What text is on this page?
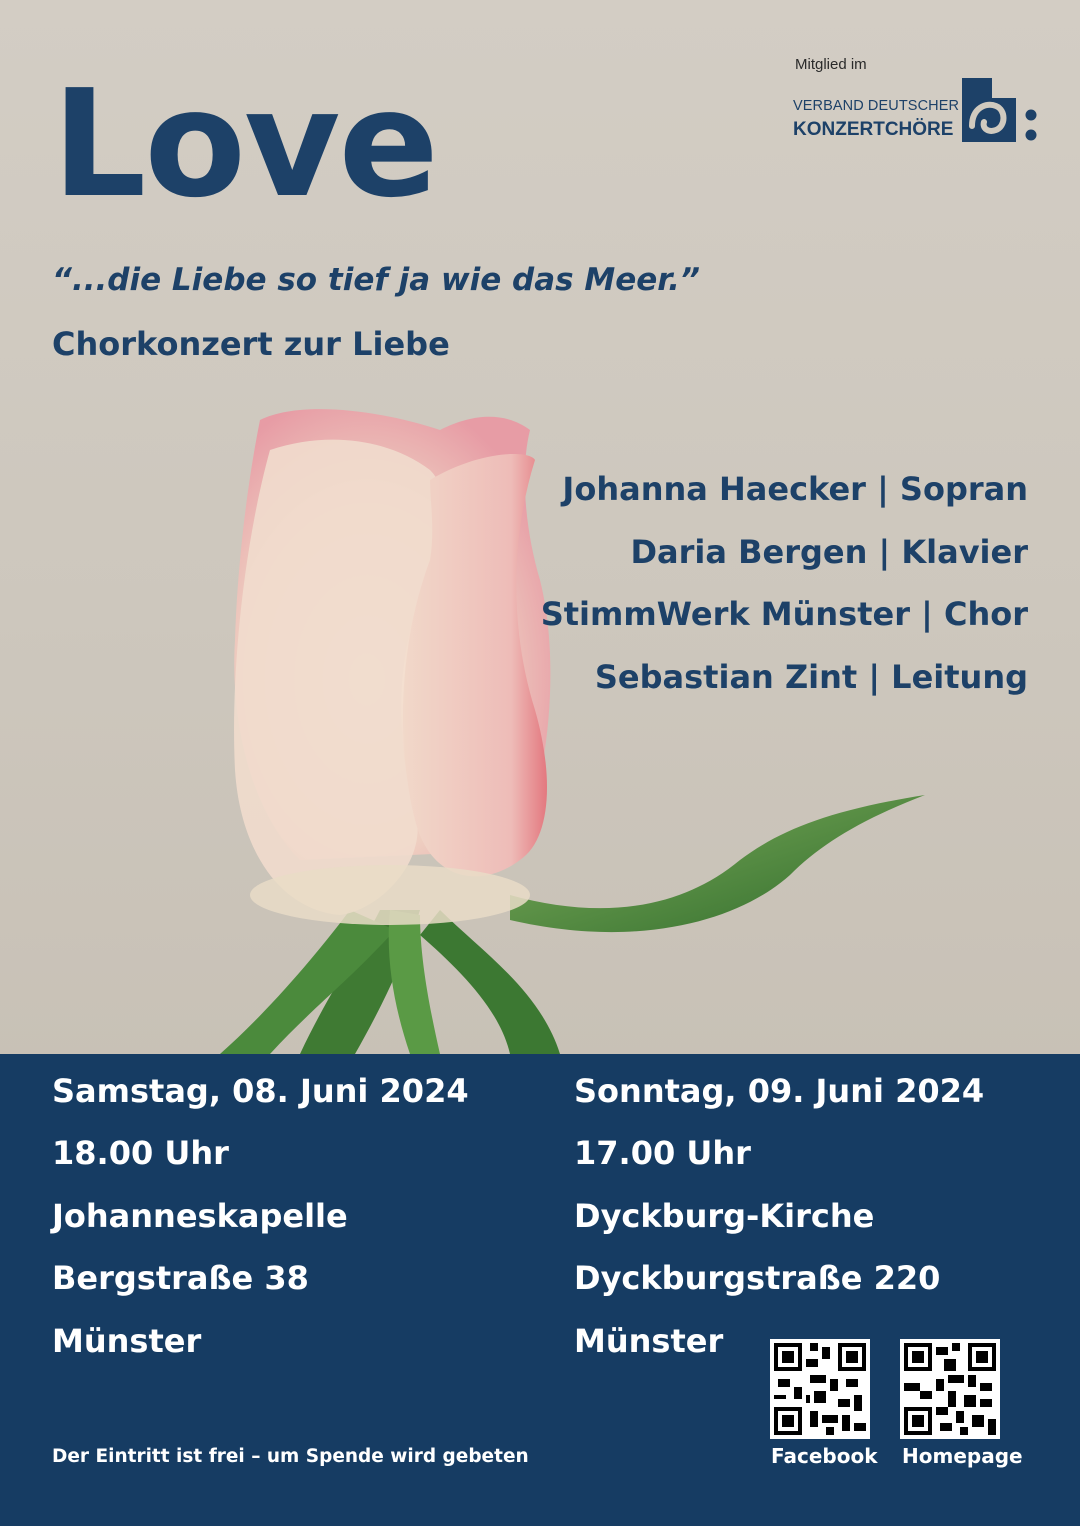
Love
“...die Liebe so tief ja wie das Meer.”
Chorkonzert zur Liebe
Mitglied im
VERBAND DEUTSCHER
KONZERTCHÖRE
Johanna Haecker | Sopran
Daria Bergen | Klavier
StimmWerk Münster | Chor
Sebastian Zint | Leitung
Samstag, 08. Juni 2024
18.00 Uhr
Johanneskapelle
Bergstraße 38
Münster
Sonntag, 09. Juni 2024
17.00 Uhr
Dyckburg-Kirche
Dyckburgstraße 220
Münster
Der Eintritt ist frei – um Spende wird gebeten	Facebook Homepage
